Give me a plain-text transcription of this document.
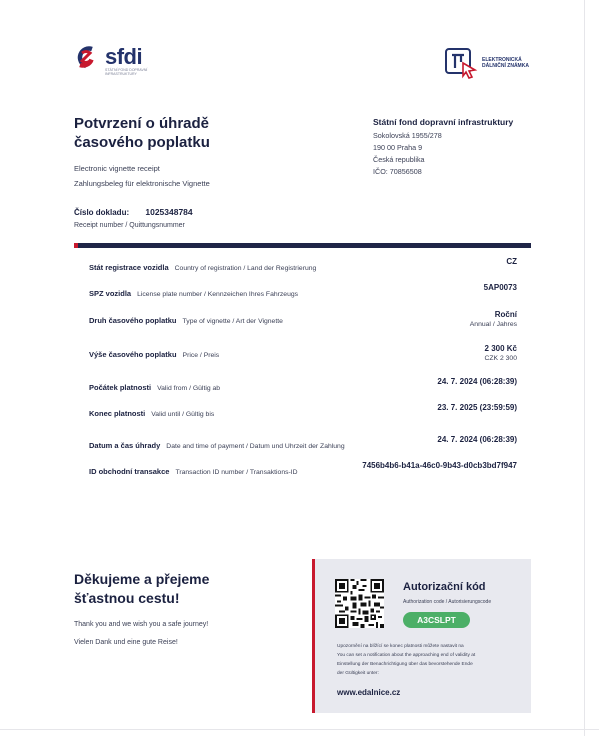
sfdi
STÁTNÍ FOND DOPRAVNÍ INFRASTRUKTURY
ELEKTRONICKÁ
DÁLNIČNÍ ZNÁMKA
Potvrzení o úhradě
časového poplatku
Electronic vignette receipt
Zahlungsbeleg für elektronische Vignette
Číslo dokladu: 1025348784
Receipt number / Quittungsnummer
Státní fond dopravní infrastruktury
Sokolovská 1955/278
190 00 Praha 9
Česká republika
IČO: 70856508
Stát registrace vozidla Country of registration / Land der Registrierung
CZ
SPZ vozidla License plate number / Kennzeichen Ihres Fahrzeugs
5AP0073
Druh časového poplatku Type of vignette / Art der Vignette
Roční
Annual / Jahres
Výše časového poplatku Price / Preis
2 300 Kč
CZK 2 300
Počátek platnosti Valid from / Gültig ab
24. 7. 2024 (06:28:39)
Konec platnosti Valid until / Gültig bis
23. 7. 2025 (23:59:59)
Datum a čas úhrady Date and time of payment / Datum und Uhrzeit der Zahlung
24. 7. 2024 (06:28:39)
ID obchodní transakce Transaction ID number / Transaktions-ID
7456b4b6-b41a-46c0-9b43-d0cb3bd7f947
Děkujeme a přejeme
šťastnou cestu!
Thank you and we wish you a safe journey!
Vielen Dank und eine gute Reise!
Autorizační kód
Authorization code / Autorisierungscode
A3CSLPT
Upozornění na blížící se konec platnosti můžete nastavit na
You can set a notification about the approaching end of validity at
Einstellung der Benachrichtigung über das bevorstehende Ende
der Gültigkeit unter:
www.edalnice.cz
